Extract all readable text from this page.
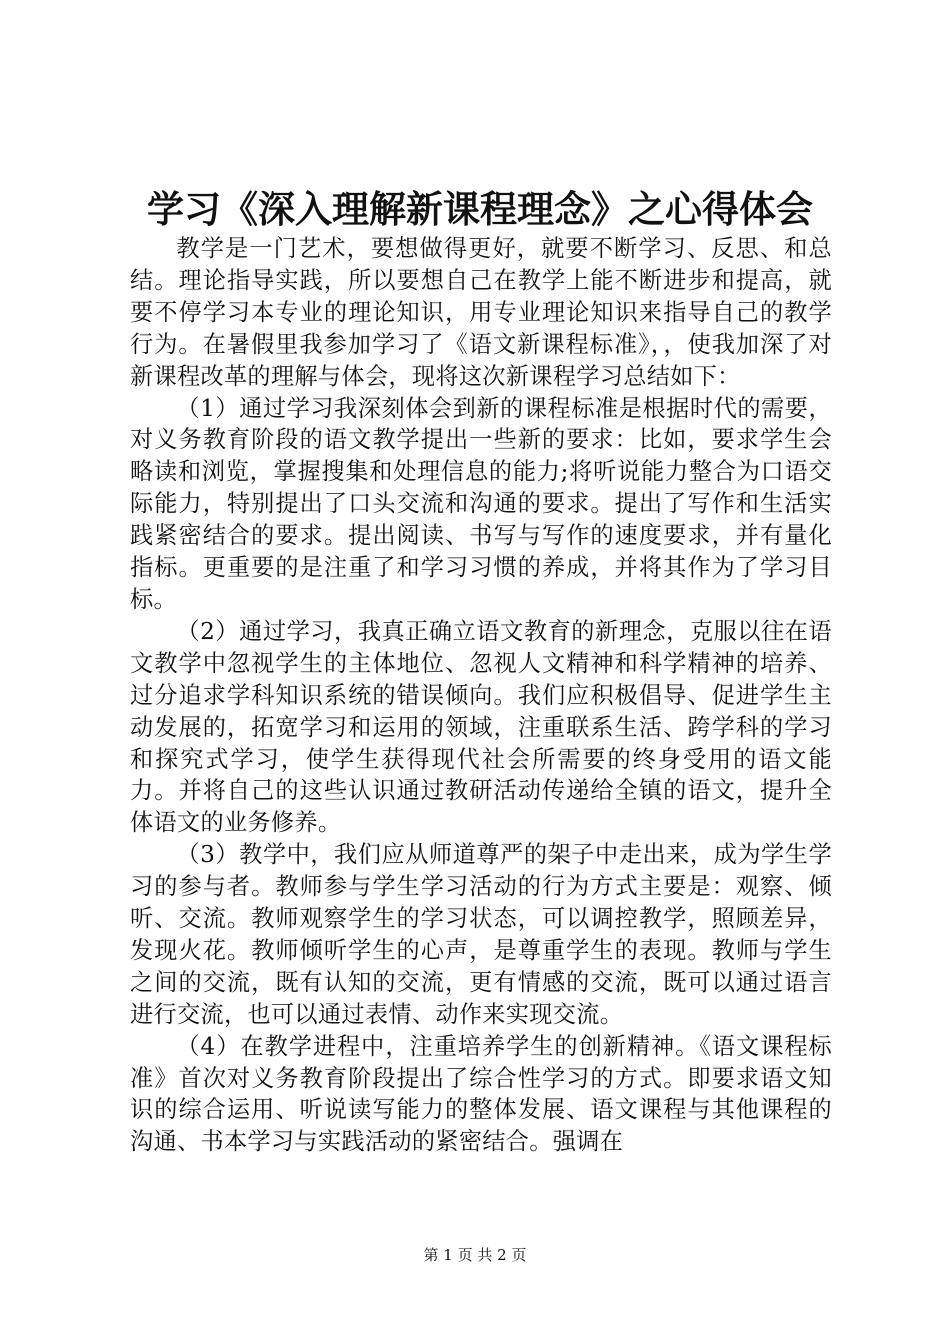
学习《深入理解新课程理念》之心得体会

教学是一门艺术，要想做得更好，就要不断学习、反思、和总结。理论指导实践，所以要想自己在教学上能不断进步和提高，就要不停学习本专业的理论知识，用专业理论知识来指导自己的教学行为。在暑假里我参加学习了《语文新课程标准》，，使我加深了对新课程改革的理解与体会，现将这次新课程学习总结如下：

（1）通过学习我深刻体会到新的课程标准是根据时代的需要，对义务教育阶段的语文教学提出一些新的要求：比如，要求学生会略读和浏览，掌握搜集和处理信息的能力;将听说能力整合为口语交际能力，特别提出了口头交流和沟通的要求。提出了写作和生活实践紧密结合的要求。提出阅读、书写与写作的速度要求，并有量化指标。更重要的是注重了和学习习惯的养成，并将其作为了学习目标。

（2）通过学习，我真正确立语文教育的新理念，克服以往在语文教学中忽视学生的主体地位、忽视人文精神和科学精神的培养、过分追求学科知识系统的错误倾向。我们应积极倡导、促进学生主动发展的，拓宽学习和运用的领域，注重联系生活、跨学科的学习和探究式学习，使学生获得现代社会所需要的终身受用的语文能力。并将自己的这些认识通过教研活动传递给全镇的语文，提升全体语文的业务修养。

（3）教学中，我们应从师道尊严的架子中走出来，成为学生学习的参与者。教师参与学生学习活动的行为方式主要是：观察、倾听、交流。教师观察学生的学习状态，可以调控教学，照顾差异，发现火花。教师倾听学生的心声，是尊重学生的表现。教师与学生之间的交流，既有认知的交流，更有情感的交流，既可以通过语言进行交流，也可以通过表情、动作来实现交流。

（4）在教学进程中，注重培养学生的创新精神。《语文课程标准》首次对义务教育阶段提出了综合性学习的方式。即要求语文知识的综合运用、听说读写能力的整体发展、语文课程与其他课程的沟通、书本学习与实践活动的紧密结合。强调在

第 1 页 共 2 页
